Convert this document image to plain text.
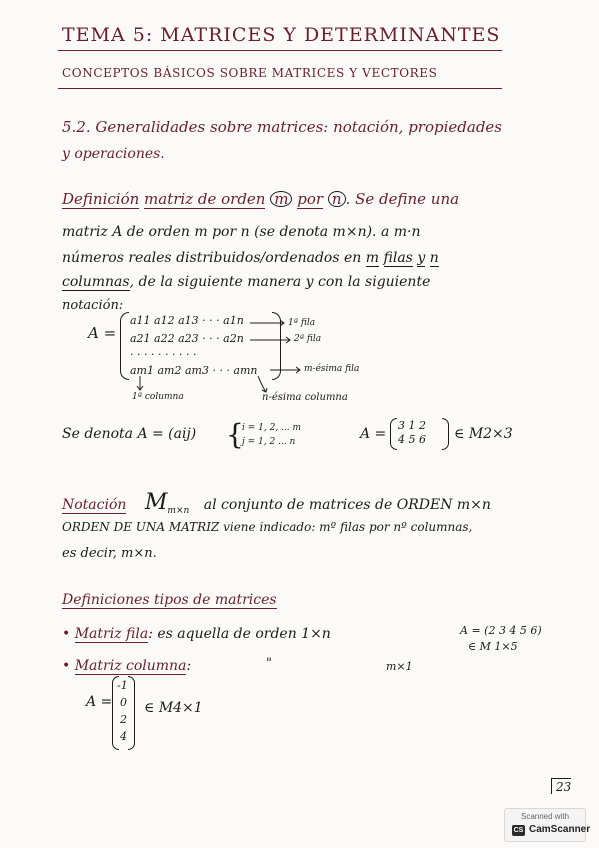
TEMA 5: MATRICES Y DETERMINANTES
CONCEPTOS BÁSICOS SOBRE MATRICES Y VECTORES
5.2. Generalidades sobre matrices: notación, propiedades
y operaciones.
Definición matriz de orden m por n . Se define una
matriz A de orden m por n (se denota m×n). a m·n
números reales distribuidos/ordenados en m filas y n
columnas, de la siguiente manera y con la siguiente
notación:
A =
a11 a12 a13 · · · a1n
a21 a22 a23 · · · a2n
· · · · · · · · · ·
am1 am2 am3 · · · amn
1ª fila
2ª fila
m-ésima fila
1ª columna	n-ésima columna
Se denota A = (aij) {
i = 1, 2, ... m
j = 1, 2 ... n	A =
3 1 2
4 5 6 ∈ M2×3
Notación $M_{m\times n}$ al conjunto de matrices de ORDEN m×n
ORDEN DE UNA MATRIZ viene indicado: mº filas por nº columnas,
es decir, m×n.
Definiciones tipos de matrices
• Matriz fila: es aquella de orden 1×n	A = (2 3 4 5 6)
∈ M 1×5
• Matriz columna:	"	m×1
A =
-1
0
2
4
∈ M4×1
23
Scanned with
CS CamScanner
